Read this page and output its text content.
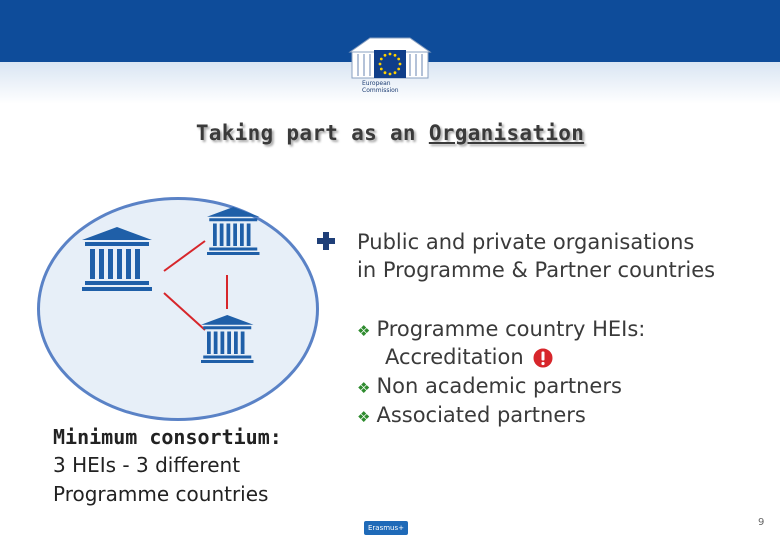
European
Commission
Taking part as an Organisation
Public and private organisations
in Programme & Partner countries
❖ Programme country HEIs:
Accreditation
❖ Non academic partners
❖ Associated partners
Minimum consortium:
3 HEIs - 3 different
Programme countries
Erasmus+	9
